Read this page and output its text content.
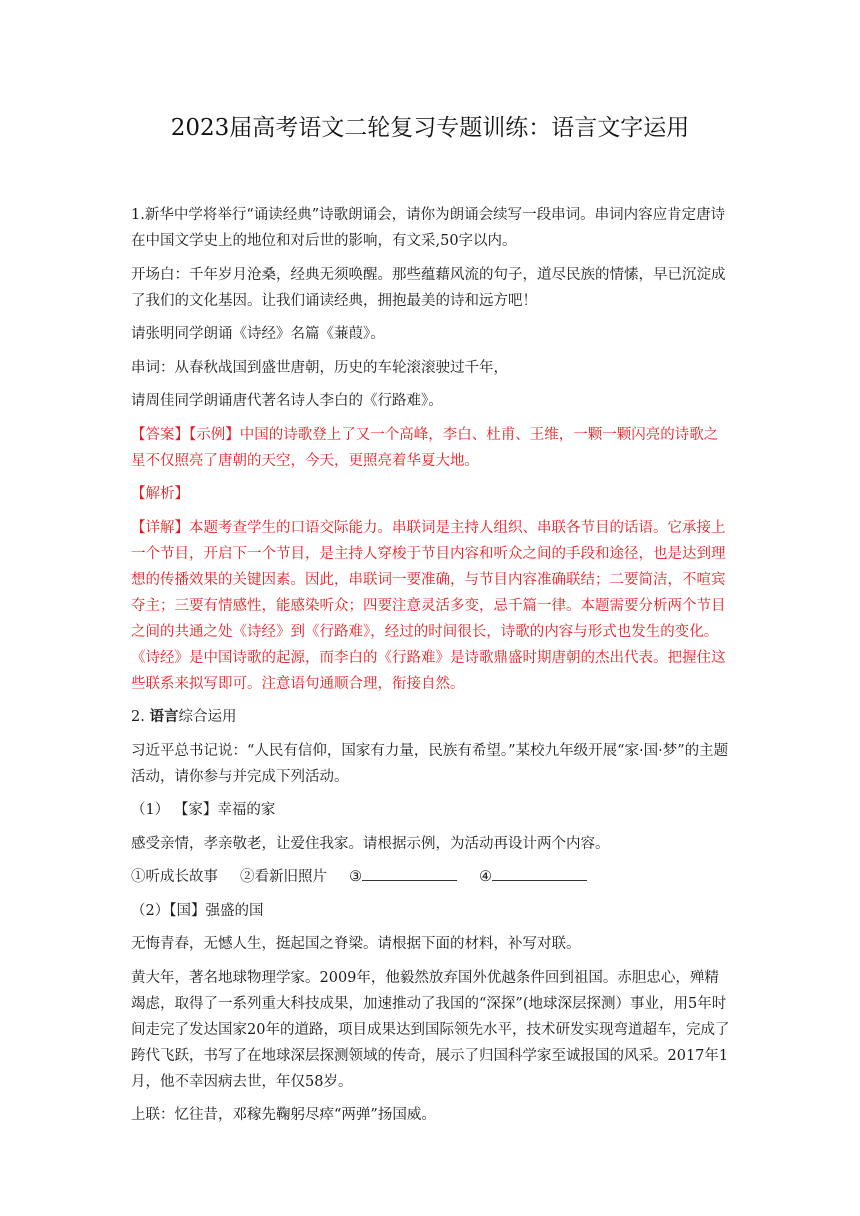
2023届高考语文二轮复习专题训练：语言文字运用

1.新华中学将举行“诵读经典”诗歌朗诵会，请你为朗诵会续写一段串词。串词内容应肯定唐诗在中国文学史上的地位和对后世的影响，有文采,50字以内。

开场白：千年岁月沧桑，经典无须唤醒。那些蕴藉风流的句子，道尽民族的情愫，早已沉淀成了我们的文化基因。让我们诵读经典，拥抱最美的诗和远方吧！

请张明同学朗诵《诗经》名篇《蒹葭》。

串词：从春秋战国到盛世唐朝，历史的车轮滚滚驶过千年，

请周佳同学朗诵唐代著名诗人李白的《行路难》。

【答案】【示例】中国的诗歌登上了又一个高峰，李白、杜甫、王维，一颗一颗闪亮的诗歌之星不仅照亮了唐朝的天空，今天，更照亮着华夏大地。

【解析】

【详解】本题考查学生的口语交际能力。串联词是主持人组织、串联各节目的话语。它承接上一个节目，开启下一个节目，是主持人穿梭于节目内容和听众之间的手段和途径，也是达到理想的传播效果的关键因素。因此，串联词一要准确，与节目内容准确联结；二要简洁，不喧宾夺主；三要有情感性，能感染听众；四要注意灵活多变，忌千篇一律。本题需要分析两个节目之间的共通之处《诗经》到《行路难》，经过的时间很长，诗歌的内容与形式也发生的变化。《诗经》是中国诗歌的起源，而李白的《行路难》是诗歌鼎盛时期唐朝的杰出代表。把握住这些联系来拟写即可。注意语句通顺合理，衔接自然。

2. 语言综合运用

习近平总书记说：“人民有信仰，国家有力量，民族有希望。”某校九年级开展“家·国·梦”的主题活动，请你参与并完成下列活动。

（1） 【家】幸福的家

感受亲情，孝亲敬老，让爱住我家。请根据示例，为活动再设计两个内容。

①听成长故事 ②看新旧照片 ③	④

（2）【国】强盛的国

无悔青春，无憾人生，挺起国之脊梁。请根据下面的材料，补写对联。

黄大年，著名地球物理学家。2009年，他毅然放弃国外优越条件回到祖国。赤胆忠心，殚精竭虑，取得了一系列重大科技成果，加速推动了我国的“深探”(地球深层探测）事业，用5年时间走完了发达国家20年的道路，项目成果达到国际领先水平，技术研发实现弯道超车，完成了跨代飞跃，书写了在地球深层探测领域的传奇，展示了归国科学家至诚报国的风采。2017年1月，他不幸因病去世，年仅58岁。

上联：忆往昔，邓稼先鞠躬尽瘁“两弹”扬国威。
